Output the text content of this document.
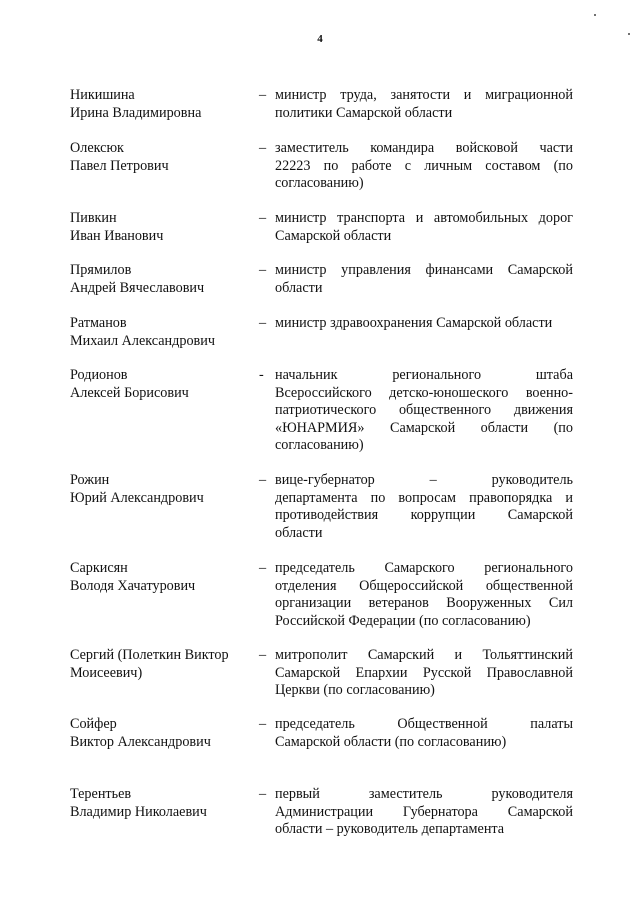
4
Никишина
Ирина Владимировна
– министр труда, занятости и миграционной
политики Самарской области
Олексюк
Павел Петрович
– заместитель командира войсковой части
22223 по работе с личным составом (по
согласованию)
Пивкин
Иван Иванович
– министр транспорта и автомобильных дорог
Самарской области
Прямилов
Андрей Вячеславович
– министр управления финансами Самарской
области
Ратманов
Михаил Александрович
– министр здравоохранения Самарской области
Родионов
Алексей Борисович
- начальник регионального штаба
Всероссийского детско-юношеского военно-
патриотического общественного движения
«ЮНАРМИЯ» Самарской области (по
согласованию)
Рожин
Юрий Александрович
– вице-губернатор – руководитель
департамента по вопросам правопорядка и
противодействия коррупции Самарской
области
Саркисян
Володя Хачатурович
– председатель Самарского регионального
отделения Общероссийской общественной
организации ветеранов Вооруженных Сил
Российской Федерации (по согласованию)
Сергий (Полеткин Виктор
Моисеевич)
– митрополит Самарский и Тольяттинский
Самарской Епархии Русской Православной
Церкви (по согласованию)
Сойфер
Виктор Александрович
– председатель Общественной палаты
Самарской области (по согласованию)
Терентьев
Владимир Николаевич
– первый заместитель руководителя
Администрации Губернатора Самарской
области – руководитель департамента
